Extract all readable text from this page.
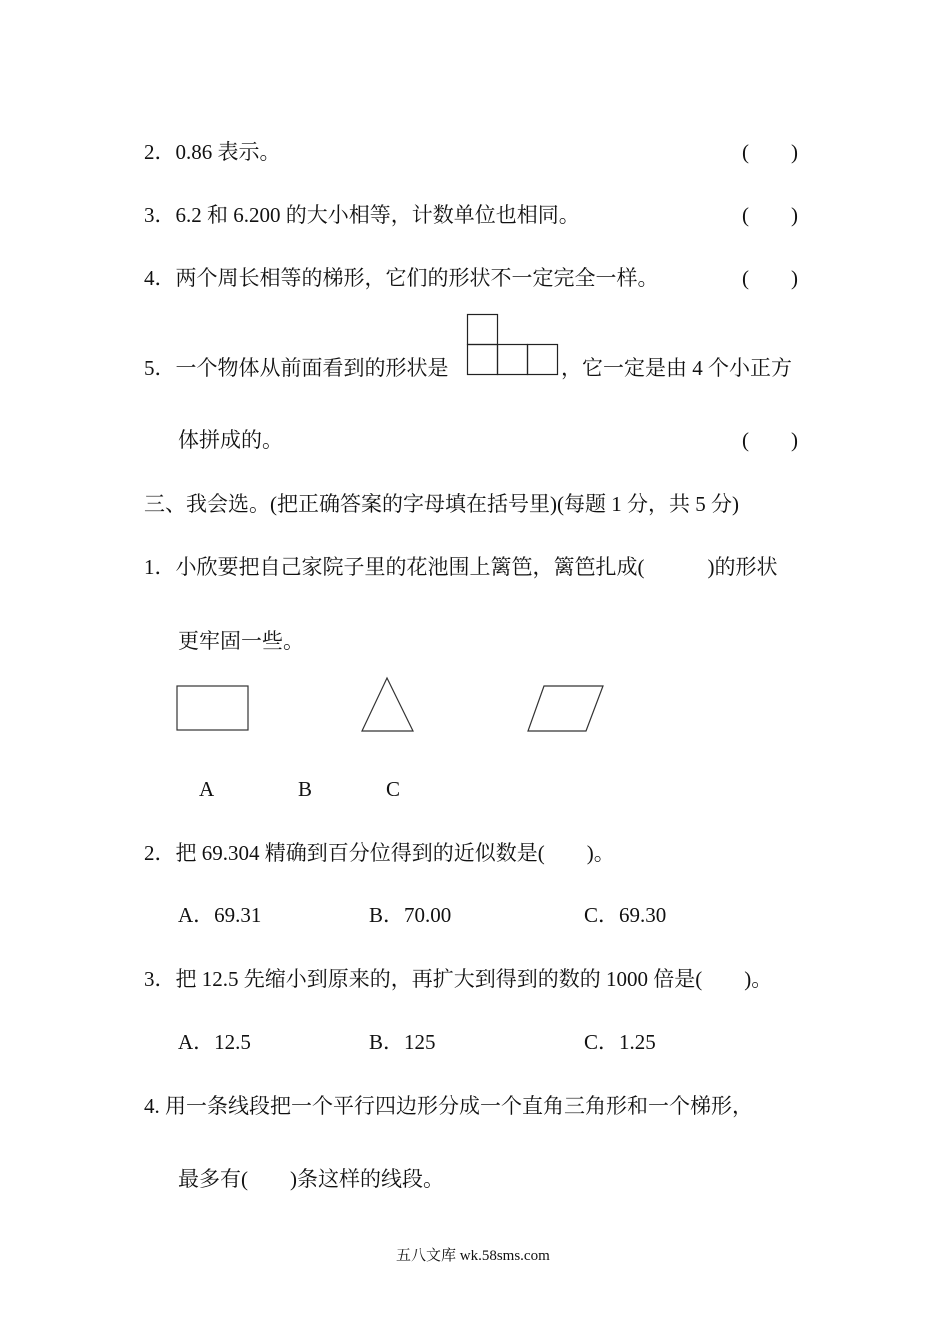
2．0.86 表示。	(　　)
3．6.2 和 6.200 的大小相等，计数单位也相同。	(　　)
4．两个周长相等的梯形，它们的形状不一定完全一样。	(　　)
5．一个物体从前面看到的形状是	，它一定是由 4 个小正方
体拼成的。	(　　)
三、我会选。(把正确答案的字母填在括号里)(每题 1 分，共 5 分)
1．小欣要把自己家院子里的花池围上篱笆，篱笆扎成(　　　)的形状
更牢固一些。
A	B	C
2．把 69.304 精确到百分位得到的近似数是(　　)。
A．69.31	B．70.00	C．69.30
3．把 12.5 先缩小到原来的，再扩大到得到的数的 1000 倍是(　　)。
A．12.5	B．125	C．1.25
4. 用一条线段把一个平行四边形分成一个直角三角形和一个梯形，
最多有(　　)条这样的线段。
五八文库 wk.58sms.com
